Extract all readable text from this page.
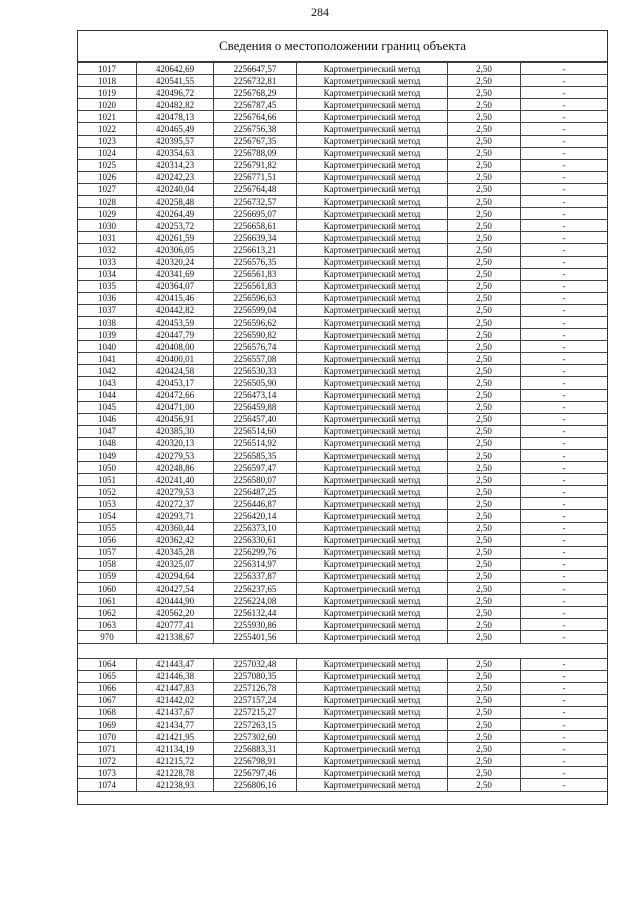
284
Сведения о местоположении границ объекта
1017	420642,69	2256647,57	Картометрический метод	2,50	-
1018	420541,55	2256732,81	Картометрический метод	2,50	-
1019	420496,72	2256768,29	Картометрический метод	2,50	-
1020	420482,82	2256787,45	Картометрический метод	2,50	-
1021	420478,13	2256764,66	Картометрический метод	2,50	-
1022	420465,49	2256756,38	Картометрический метод	2,50	-
1023	420395,57	2256767,35	Картометрический метод	2,50	-
1024	420354,63	2256788,09	Картометрический метод	2,50	-
1025	420314,23	2256791,82	Картометрический метод	2,50	-
1026	420242,23	2256771,51	Картометрический метод	2,50	-
1027	420240,04	2256764,48	Картометрический метод	2,50	-
1028	420258,48	2256732,57	Картометрический метод	2,50	-
1029	420264,49	2256695,07	Картометрический метод	2,50	-
1030	420253,72	2256658,61	Картометрический метод	2,50	-
1031	420261,59	2256639,34	Картометрический метод	2,50	-
1032	420306,05	2256613,21	Картометрический метод	2,50	-
1033	420320,24	2256576,35	Картометрический метод	2,50	-
1034	420341,69	2256561,83	Картометрический метод	2,50	-
1035	420364,07	2256561,83	Картометрический метод	2,50	-
1036	420415,46	2256596,63	Картометрический метод	2,50	-
1037	420442,82	2256599,04	Картометрический метод	2,50	-
1038	420453,59	2256596,62	Картометрический метод	2,50	-
1039	420447,79	2256590,82	Картометрический метод	2,50	-
1040	420408,00	2256576,74	Картометрический метод	2,50	-
1041	420400,01	2256557,08	Картометрический метод	2,50	-
1042	420424,58	2256530,33	Картометрический метод	2,50	-
1043	420453,17	2256505,90	Картометрический метод	2,50	-
1044	420472,66	2256473,14	Картометрический метод	2,50	-
1045	420471,00	2256459,88	Картометрический метод	2,50	-
1046	420456,91	2256457,40	Картометрический метод	2,50	-
1047	420385,30	2256514,60	Картометрический метод	2,50	-
1048	420320,13	2256514,92	Картометрический метод	2,50	-
1049	420279,53	2256585,35	Картометрический метод	2,50	-
1050	420248,86	2256597,47	Картометрический метод	2,50	-
1051	420241,40	2256580,07	Картометрический метод	2,50	-
1052	420279,53	2256487,25	Картометрический метод	2,50	-
1053	420272,37	2256446,87	Картометрический метод	2,50	-
1054	420293,71	2256420,14	Картометрический метод	2,50	-
1055	420360,44	2256373,10	Картометрический метод	2,50	-
1056	420362,42	2256330,61	Картометрический метод	2,50	-
1057	420345,28	2256299,76	Картометрический метод	2,50	-
1058	420325,07	2256314,97	Картометрический метод	2,50	-
1059	420294,64	2256337,87	Картометрический метод	2,50	-
1060	420427,54	2256237,65	Картометрический метод	2,50	-
1061	420444,90	2256224,08	Картометрический метод	2,50	-
1062	420562,20	2256132,44	Картометрический метод	2,50	-
1063	420777,41	2255930,86	Картометрический метод	2,50	-
970	421338,67	2255401,56	Картометрический метод	2,50	-

1064	421443,47	2257032,48	Картометрический метод	2,50	-
1065	421446,38	2257080,35	Картометрический метод	2,50	-
1066	421447,83	2257126,78	Картометрический метод	2,50	-
1067	421442,02	2257157,24	Картометрический метод	2,50	-
1068	421437,67	2257215,27	Картометрический метод	2,50	-
1069	421434,77	2257263,15	Картометрический метод	2,50	-
1070	421421,95	2257302,60	Картометрический метод	2,50	-
1071	421134,19	2256883,31	Картометрический метод	2,50	-
1072	421215,72	2256798,91	Картометрический метод	2,50	-
1073	421228,78	2256797,46	Картометрический метод	2,50	-
1074	421238,93	2256806,16	Картометрический метод	2,50	-
